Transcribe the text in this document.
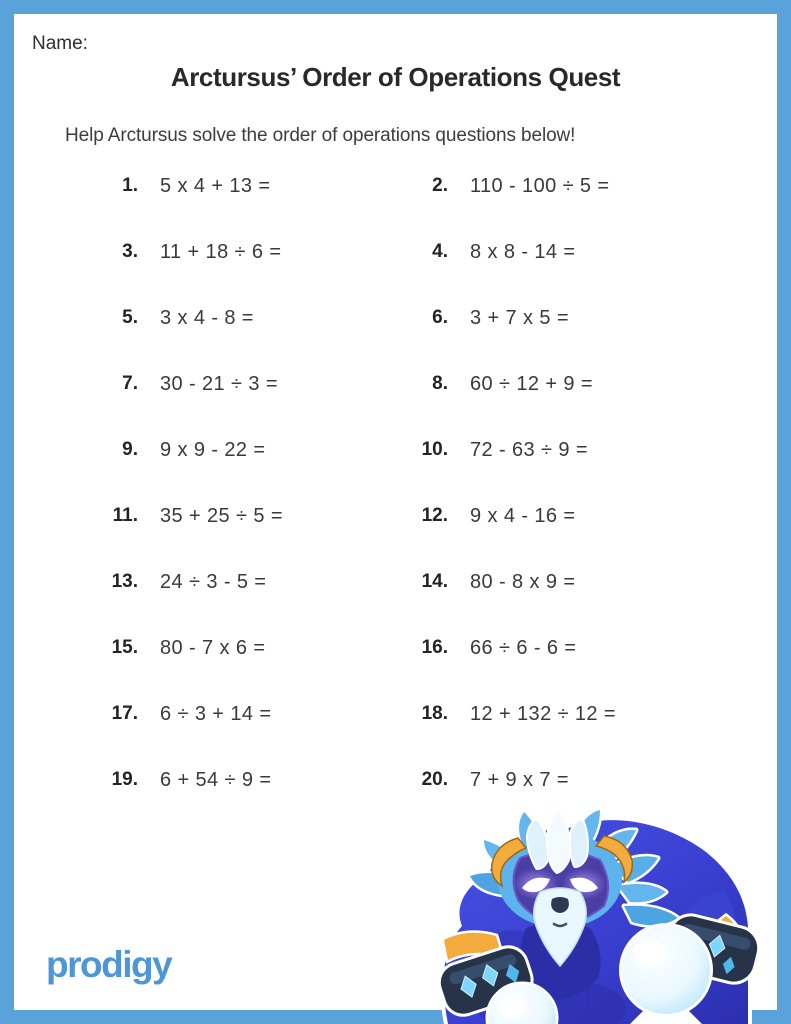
Name:
Arctursus’ Order of Operations Quest

Help Arctursus solve the order of operations questions below!

1. 5 x 4 + 13 =	2. 110 - 100 ÷ 5 =
3. 11 + 18 ÷ 6 =	4. 8 x 8 - 14 =
5. 3 x 4 - 8 =	6. 3 + 7 x 5 =
7. 30 - 21 ÷ 3 =	8. 60 ÷ 12 + 9 =
9. 9 x 9 - 22 =	10. 72 - 63 ÷ 9 =
11. 35 + 25 ÷ 5 =	12. 9 x 4 - 16 =
13. 24 ÷ 3 - 5 =	14. 80 - 8 x 9 =
15. 80 - 7 x 6 =	16. 66 ÷ 6 - 6 =
17. 6 ÷ 3 + 14 =	18. 12 + 132 ÷ 12 =
19. 6 + 54 ÷ 9 =	20. 7 + 9 x 7 =
prodigy
